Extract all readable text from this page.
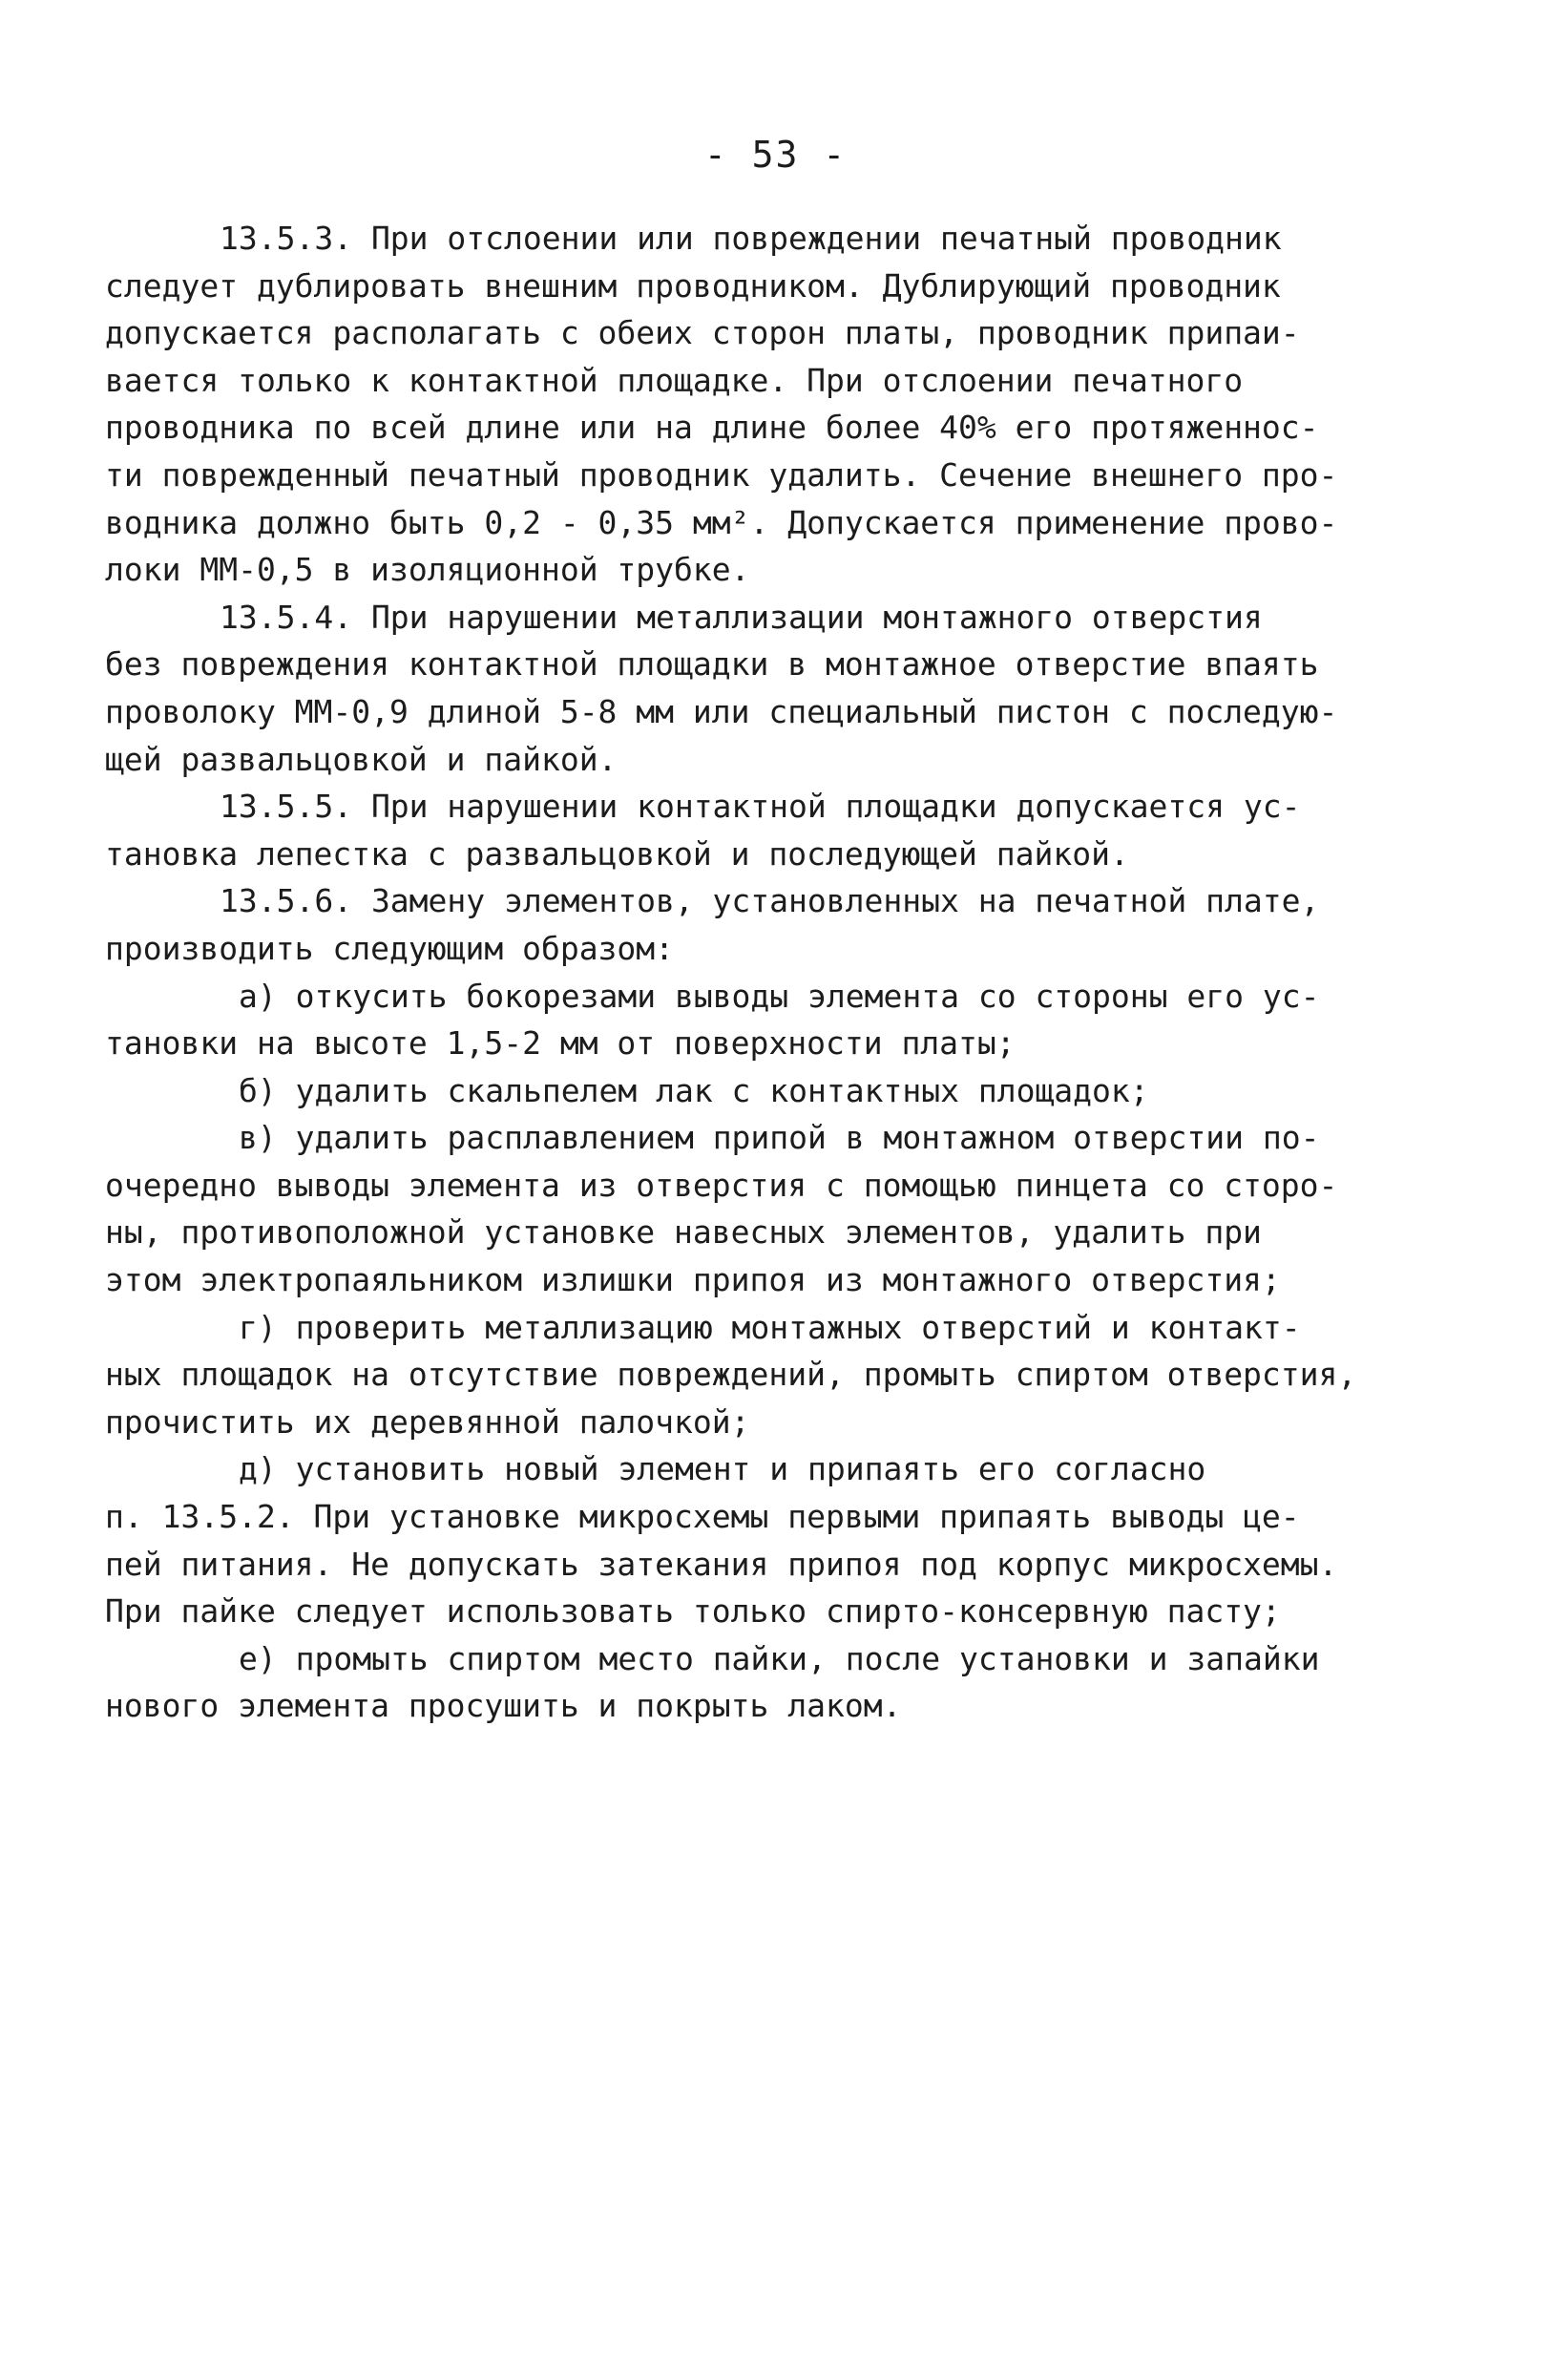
- 53 -

13.5.3. При отслоении или повреждении печатный проводник
следует дублировать внешним проводником. Дублирующий проводник
допускается располагать с обеих сторон платы, проводник припаи-
вается только к контактной площадке. При отслоении печатного
проводника по всей длине или на длине более 40% его протяженнос-
ти поврежденный печатный проводник удалить. Сечение внешнего про-
водника должно быть 0,2 - 0,35 мм². Допускается применение прово-
локи ММ-0,5 в изоляционной трубке.
13.5.4. При нарушении металлизации монтажного отверстия
без повреждения контактной площадки в монтажное отверстие впаять
проволоку ММ-0,9 длиной 5-8 мм или специальный пистон с последую-
щей развальцовкой и пайкой.
13.5.5. При нарушении контактной площадки допускается ус-
тановка лепестка с развальцовкой и последующей пайкой.
13.5.6. Замену элементов, установленных на печатной плате,
производить следующим образом:
а) откусить бокорезами выводы элемента со стороны его ус-
тановки на высоте 1,5-2 мм от поверхности платы;
б) удалить скальпелем лак с контактных площадок;
в) удалить расплавлением припой в монтажном отверстии по-
очередно выводы элемента из отверстия с помощью пинцета со сторо-
ны, противоположной установке навесных элементов, удалить при
этом электропаяльником излишки припоя из монтажного отверстия;
г) проверить металлизацию монтажных отверстий и контакт-
ных площадок на отсутствие повреждений, промыть спиртом отверстия,
прочистить их деревянной палочкой;
д) установить новый элемент и припаять его согласно
п. 13.5.2. При установке микросхемы первыми припаять выводы це-
пей питания. Не допускать затекания припоя под корпус микросхемы.
При пайке следует использовать только спирто-консервную пасту;
е) промыть спиртом место пайки, после установки и запайки
нового элемента просушить и покрыть лаком.
